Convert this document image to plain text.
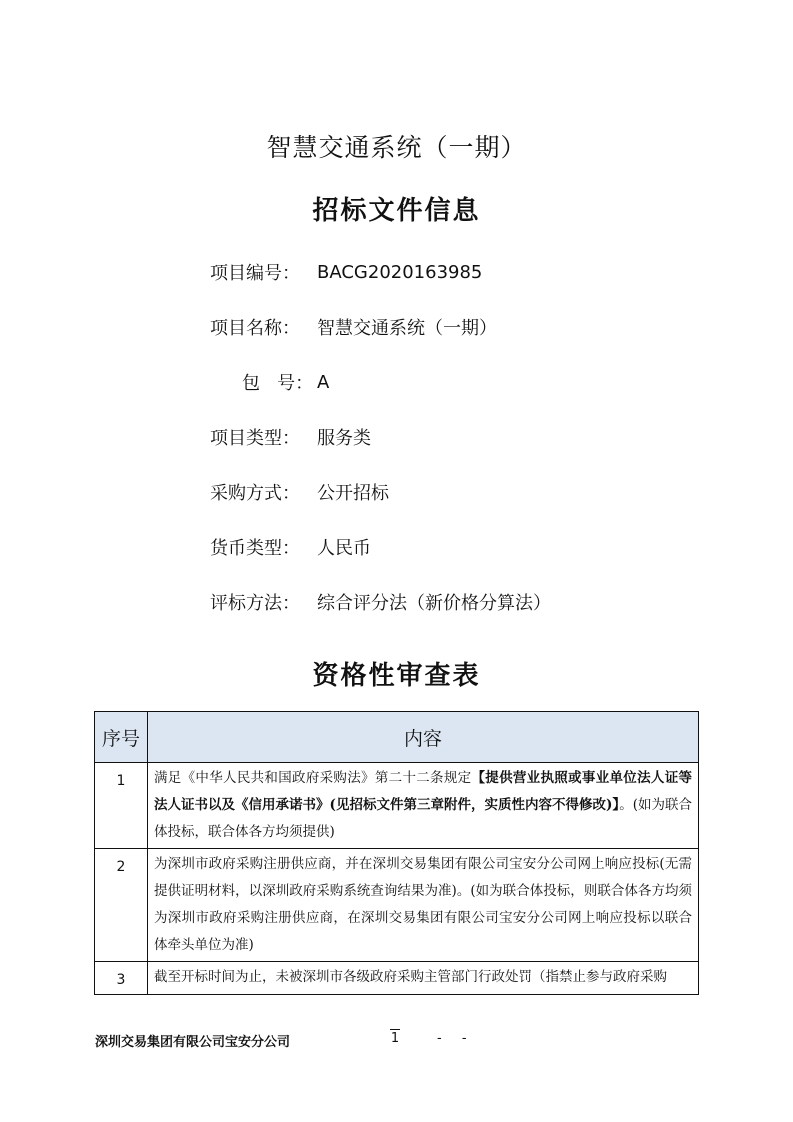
智慧交通系统（一期）
招标文件信息
项目编号： BACG2020163985
项目名称： 智慧交通系统（一期）
包   号： A
项目类型： 服务类
采购方式： 公开招标
货币类型： 人民币
评标方法： 综合评分法（新价格分算法）
资格性审查表
序号	内容
1	满足《中华人民共和国政府采购法》第二十二条规定【提供营业执照或事业单位法人证等法人证书以及《信用承诺书》(见招标文件第三章附件，实质性内容不得修改)】。(如为联合体投标，联合体各方均须提供)
2	为深圳市政府采购注册供应商，并在深圳交易集团有限公司宝安分公司网上响应投标(无需提供证明材料，以深圳政府采购系统查询结果为准)。(如为联合体投标，则联合体各方均须为深圳市政府采购注册供应商，在深圳交易集团有限公司宝安分公司网上响应投标以联合体牵头单位为准)
3	截至开标时间为止，未被深圳市各级政府采购主管部门行政处罚（指禁止参与政府采购
深圳交易集团有限公司宝安分公司	1	- -
